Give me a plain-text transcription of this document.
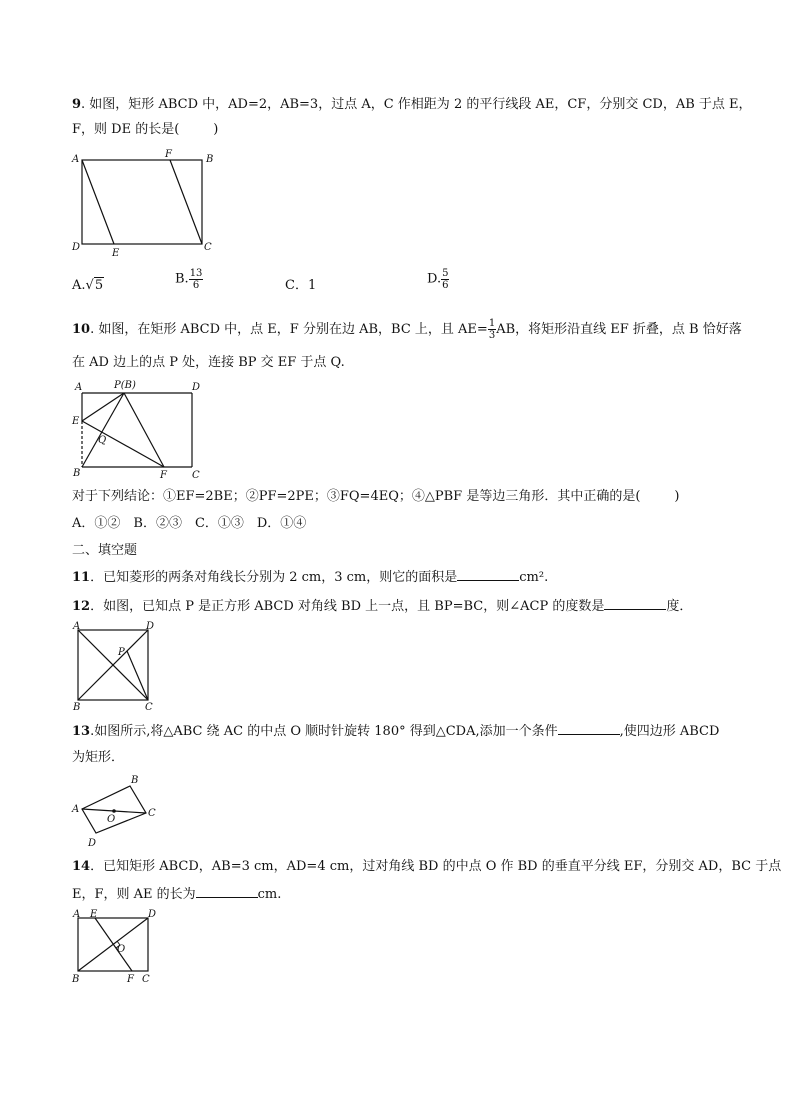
9. 如图，矩形 ABCD 中，AD=2，AB=3，过点 A，C 作相距为 2 的平行线段 AE，CF，分别交 CD，AB 于点 E，
F，则 DE 的长是(	)
A	F	B
D
E
C
A.√5	B. $\frac{13}{6}$	C．1	D. $\frac{5}{6}$
10. 如图，在矩形 ABCD 中，点 E，F 分别在边 AB，BC 上，且 $AE= \frac{1}{3}$ AB，将矩形沿直线 EF 折叠，点 B 恰好落
在 AD 边上的点 P 处，连接 BP 交 EF 于点 Q.
A	P(B)	D
E
Q
B	F	C
对于下列结论：①EF=2BE；②PF=2PE；③FQ=4EQ；④△PBF 是等边三角形．其中正确的是(	)
A．①②　B．②③　C．①③　D．①④
二、填空题
11．已知菱形的两条对角线长分别为 2 cm，3 cm，则它的面积是	cm².
12．如图，已知点 P 是正方形 ABCD 对角线 BD 上一点，且 BP=BC，则∠ACP 的度数是	度．
A	D
P
B	C
13.如图所示,将△ABC 绕 AC 的中点 O 顺时针旋转 180° 得到△CDA,添加一个条件	,使四边形 ABCD
为矩形．
B
A
O
C
D
14．已知矩形 ABCD，AB=3 cm，AD=4 cm，过对角线 BD 的中点 O 作 BD 的垂直平分线 EF，分别交 AD，BC 于点
E，F，则 AE 的长为	cm.
A E	D
O
B	F C
